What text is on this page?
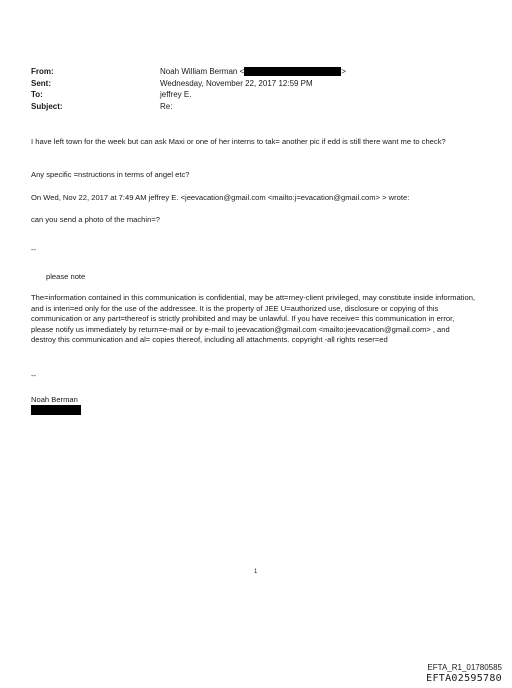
From:	Noah William Berman <	>
Sent:	Wednesday, November 22, 2017 12:59 PM
To:	jeffrey E.
Subject:	Re:

I have left town for the week but can ask Maxi or one of her interns to tak= another pic if edd is still there want me to check?

Any specific =nstructions in terms of angel etc?

On Wed, Nov 22, 2017 at 7:49 AM jeffrey E. <jeevacation@gmail.com <mailto:j=evacation@gmail.com> > wrote:

can you send a photo of the machin=?

--

please note

The=information contained in this communication is confidential, may be att=rney-client privileged, may constitute inside information, and is inten=ed only for the use of the addressee. It is the property of JEE U=authorized use, disclosure or copying of this communication or any part=thereof is strictly prohibited and may be unlawful. If you have receive= this communication in error, please notify us immediately by return=e-mail or by e-mail to jeevacation@gmail.com <mailto:jeevacation@gmail.com> , and destroy this communication and al= copies thereof, including all attachments. copyright -all rights reser=ed

--

Noah Berman

1
EFTA_R1_01780585
EFTA02595780
